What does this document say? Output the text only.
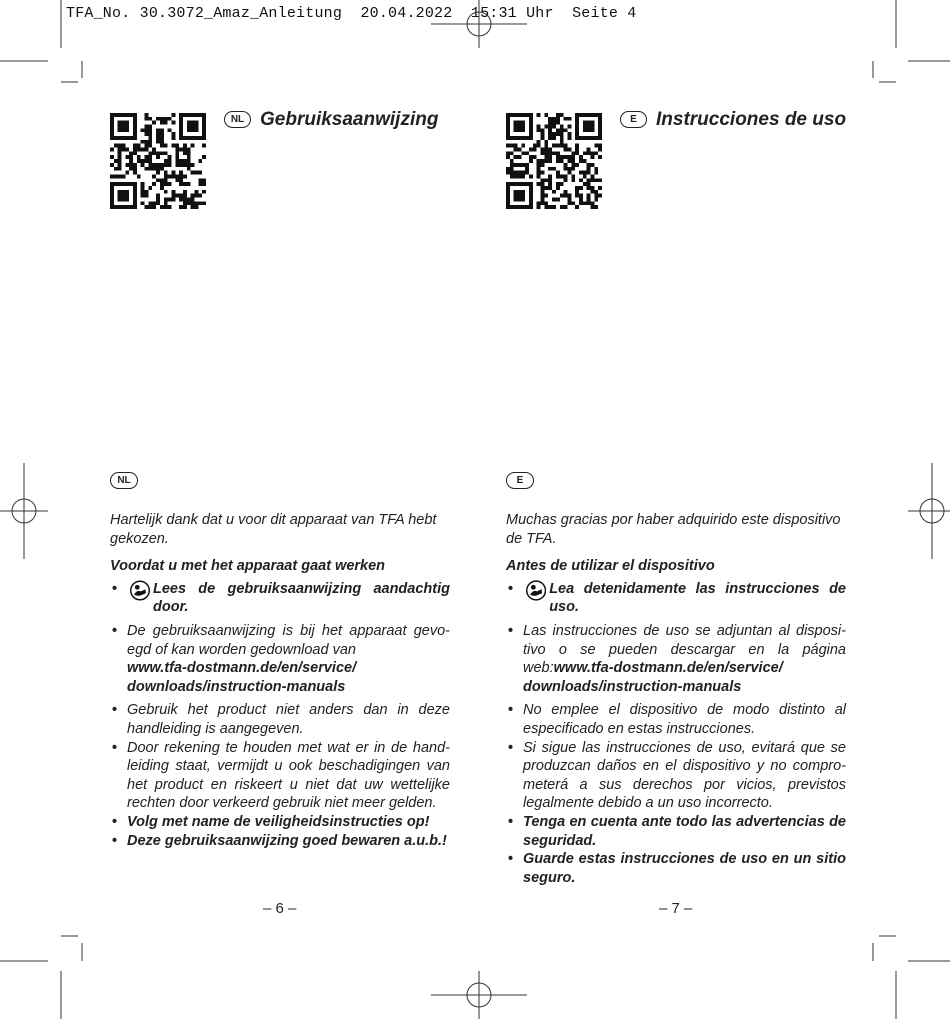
TFA_No. 30.3072_Amaz_Anleitung  20.04.2022  15:31 Uhr  Seite 4
NL Gebruiksaanwijzing	E	Instrucciones de uso
NL	E

Hartelijk dank dat u voor dit apparaat van TFA hebt gekozen.

Voordat u met het apparaat gaat werken

• Lees de gebruiksaanwijzing aandachtig door.
• De gebruiksaanwijzing is bij het apparaat gevoegd of kan worden gedownload van
www.tfa-dostmann.de/en/service/ downloads/instruction-manuals
• Gebruik het product niet anders dan in deze handleiding is aangegeven.
• Door rekening te houden met wat er in de handleiding staat, vermijdt u ook beschadigingen van het product en riskeert u niet dat uw wettelijke rechten door verkeerd gebruik niet meer gelden.
• Volg met name de veiligheidsinstructies op!
• Deze gebruiksaanwijzing goed bewaren a.u.b.!

Muchas gracias por haber adquirido este dispositivo de TFA.

Antes de utilizar el dispositivo

• Lea detenidamente las instrucciones de uso.
• Las instrucciones de uso se adjuntan al dispositivo o se pueden descargar en la página web:www.tfa-dostmann.de/en/service/ downloads/instruction-manuals
• No emplee el dispositivo de modo distinto al especificado en estas instrucciones.
• Si sigue las instrucciones de uso, evitará que se produzcan daños en el dispositivo y no comprometerá a sus derechos por vicios, previstos legalmente debido a un uso incorrecto.
• Tenga en cuenta ante todo las advertencias de seguridad.
• Guarde estas instrucciones de uso en un sitio seguro.
– 6 –	– 7 –
